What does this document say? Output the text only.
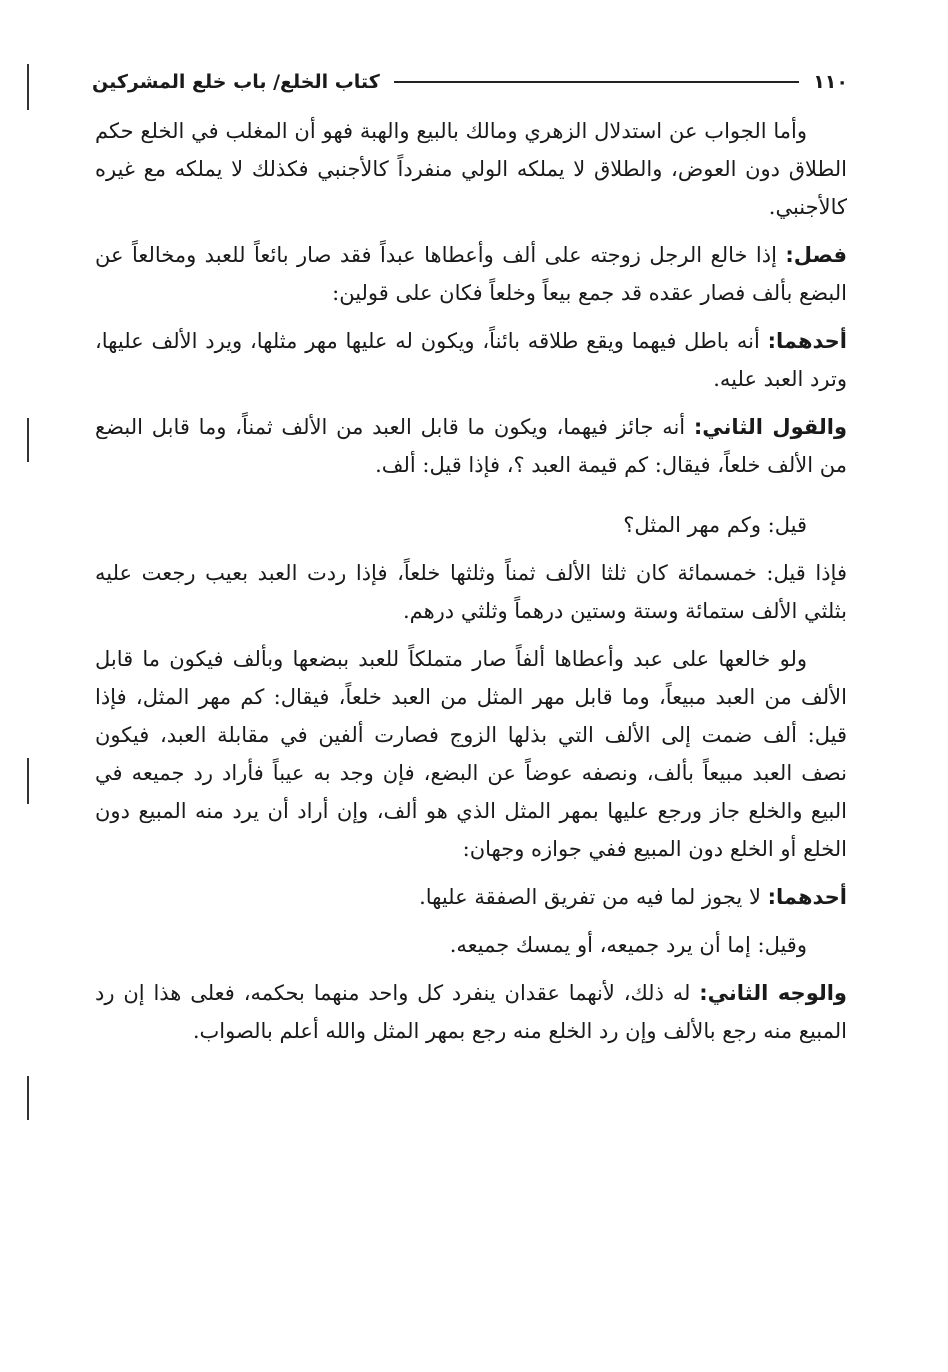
١١٠
كتاب الخلع/ باب خلع المشركين

وأما الجواب عن استدلال الزهري ومالك بالبيع والهبة فهو أن المغلب في الخلع حكم الطلاق دون العوض، والطلاق لا يملكه الولي منفرداً كالأجنبي فكذلك لا يملكه مع غيره كالأجنبي.

فصل: إذا خالع الرجل زوجته على ألف وأعطاها عبداً فقد صار بائعاً للعبد ومخالعاً عن البضع بألف فصار عقده قد جمع بيعاً وخلعاً فكان على قولين:

أحدهما: أنه باطل فيهما ويقع طلاقه بائناً، ويكون له عليها مهر مثلها، ويرد الألف عليها، وترد العبد عليه.

والقول الثاني: أنه جائز فيهما، ويكون ما قابل العبد من الألف ثمناً، وما قابل البضع من الألف خلعاً، فيقال: كم قيمة العبد ؟، فإذا قيل: ألف.

قيل: وكم مهر المثل؟

فإذا قيل: خمسمائة كان ثلثا الألف ثمناً وثلثها خلعاً، فإذا ردت العبد بعيب رجعت عليه بثلثي الألف ستمائة وستة وستين درهماً وثلثي درهم.

ولو خالعها على عبد وأعطاها ألفاً صار متملكاً للعبد ببضعها وبألف فيكون ما قابل الألف من العبد مبيعاً، وما قابل مهر المثل من العبد خلعاً، فيقال: كم مهر المثل، فإذا قيل: ألف ضمت إلى الألف التي بذلها الزوج فصارت ألفين في مقابلة العبد، فيكون نصف العبد مبيعاً بألف، ونصفه عوضاً عن البضع، فإن وجد به عيباً فأراد رد جميعه في البيع والخلع جاز ورجع عليها بمهر المثل الذي هو ألف، وإن أراد أن يرد منه المبيع دون الخلع أو الخلع دون المبيع ففي جوازه وجهان:

أحدهما: لا يجوز لما فيه من تفريق الصفقة عليها.

وقيل: إما أن يرد جميعه، أو يمسك جميعه.

والوجه الثاني: له ذلك، لأنهما عقدان ينفرد كل واحد منهما بحكمه، فعلى هذا إن رد المبيع منه رجع بالألف وإن رد الخلع منه رجع بمهر المثل والله أعلم بالصواب.
